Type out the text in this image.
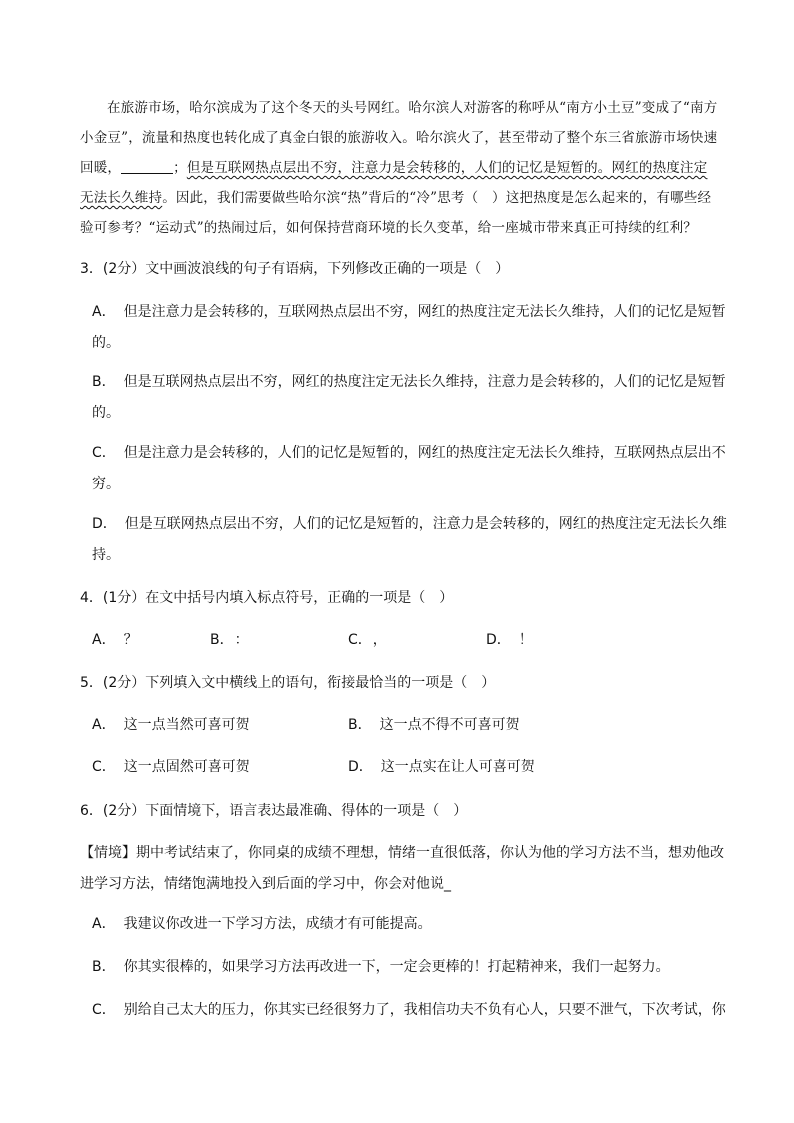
在旅游市场，哈尔滨成为了这个冬天的头号网红。哈尔滨人对游客的称呼从“南方小土豆”变成了“南方小金豆”，流量和热度也转化成了真金白银的旅游收入。哈尔滨火了，甚至带动了整个东三省旅游市场快速回暖，	；但是互联网热点层出不穷，注意力是会转移的，人们的记忆是短暂的。网红的热度注定无法长久维持。因此，我们需要做些哈尔滨“热”背后的“冷”思考（　）这把热度是怎么起来的，有哪些经验可参考？“运动式”的热闹过后，如何保持营商环境的长久变革，给一座城市带来真正可持续的红利？

3．(2分）文中画波浪线的句子有语病，下列修改正确的一项是（　）
A． 但是注意力是会转移的，互联网热点层出不穷，网红的热度注定无法长久维持，人们的记忆是短暂的。
B． 但是互联网热点层出不穷，网红的热度注定无法长久维持，注意力是会转移的，人们的记忆是短暂的。
C． 但是注意力是会转移的，人们的记忆是短暂的，网红的热度注定无法长久维持，互联网热点层出不穷。
D． 但是互联网热点层出不穷，人们的记忆是短暂的，注意力是会转移的，网红的热度注定无法长久维持。
4．(1分）在文中括号内填入标点符号，正确的一项是（　）
A． ？	B． ：	C． ，	D． ！
5．(2分）下列填入文中横线上的语句，衔接最恰当的一项是（　）
A． 这一点当然可喜可贺	B． 这一点不得不可喜可贺
C． 这一点固然可喜可贺	D． 这一点实在让人可喜可贺
6．(2分）下面情境下，语言表达最准确、得体的一项是（　）
【情境】期中考试结束了，你同桌的成绩不理想，情绪一直很低落，你认为他的学习方法不当，想劝他改进学习方法，情绪饱满地投入到后面的学习中，你会对他说_
A． 我建议你改进一下学习方法，成绩才有可能提高。
B． 你其实很棒的，如果学习方法再改进一下，一定会更棒的！打起精神来，我们一起努力。
C． 别给自己太大的压力，你其实已经很努力了，我相信功夫不负有心人，只要不泄气，下次考试，你
